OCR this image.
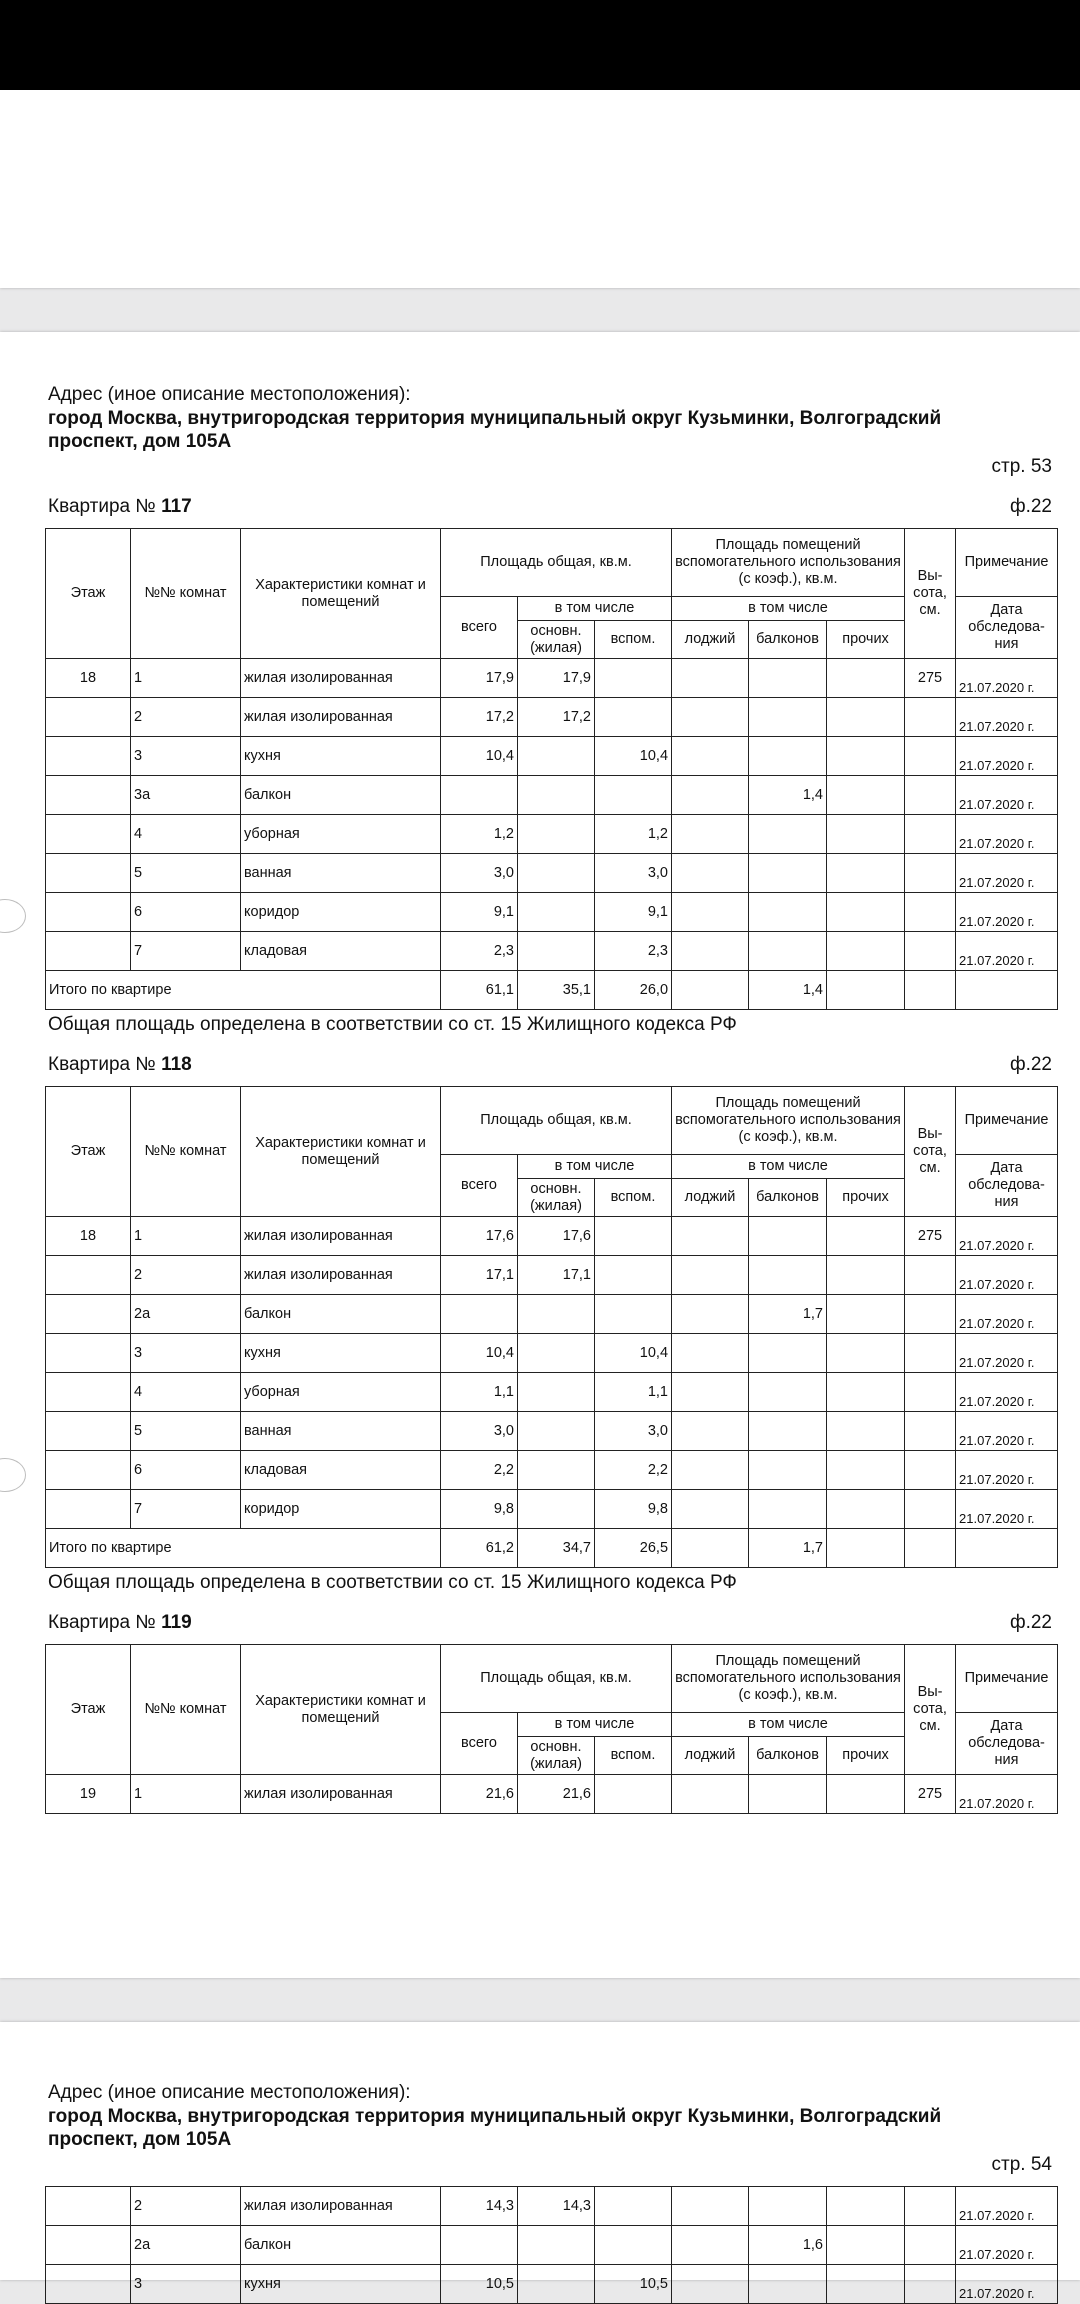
Адрес (иное описание местоположения):
город Москва, внутригородская территория муниципальный округ Кузьминки, Волгоградский проспект, дом 105А
стр. 53
Квартира № 117	ф.22
Этаж	№№ комнат	Характеристики комнат и помещений	Площадь общая, кв.м.			Площадь помещений вспомогательного использования (с коэф.), кв.м.			Вы- сота, см.	Примечание
			всего	в том числе		в том числе				Дата обследова- ния
				основн. (жилая)	вспом.	лоджий	балконов	прочих		
18	1	жилая изолированная	17,9	17,9					275	21.07.2020 г.
	2	жилая изолированная	17,2	17,2						21.07.2020 г.
	3	кухня	10,4		10,4					21.07.2020 г.
	3а	балкон					1,4			21.07.2020 г.
	4	уборная	1,2		1,2					21.07.2020 г.
	5	ванная	3,0		3,0					21.07.2020 г.
	6	коридор	9,1		9,1					21.07.2020 г.
	7	кладовая	2,3		2,3					21.07.2020 г.
Итого по квартире			61,1	35,1	26,0		1,4			
Общая площадь определена в соответствии со ст. 15 Жилищного кодекса РФ
Квартира № 118	ф.22
Этаж	№№ комнат	Характеристики комнат и помещений	Площадь общая, кв.м.			Площадь помещений вспомогательного использования (с коэф.), кв.м.			Вы- сота, см.	Примечание
			всего	в том числе		в том числе				Дата обследова- ния
				основн. (жилая)	вспом.	лоджий	балконов	прочих		
18	1	жилая изолированная	17,6	17,6					275	21.07.2020 г.
	2	жилая изолированная	17,1	17,1						21.07.2020 г.
	2а	балкон					1,7			21.07.2020 г.
	3	кухня	10,4		10,4					21.07.2020 г.
	4	уборная	1,1		1,1					21.07.2020 г.
	5	ванная	3,0		3,0					21.07.2020 г.
	6	кладовая	2,2		2,2					21.07.2020 г.
	7	коридор	9,8		9,8					21.07.2020 г.
Итого по квартире			61,2	34,7	26,5		1,7			
Общая площадь определена в соответствии со ст. 15 Жилищного кодекса РФ
Квартира № 119	ф.22
Этаж	№№ комнат	Характеристики комнат и помещений	Площадь общая, кв.м.			Площадь помещений вспомогательного использования (с коэф.), кв.м.			Вы- сота, см.	Примечание
			всего	в том числе		в том числе				Дата обследова- ния
				основн. (жилая)	вспом.	лоджий	балконов	прочих		
19	1	жилая изолированная	21,6	21,6					275	21.07.2020 г.
Адрес (иное описание местоположения):
город Москва, внутригородская территория муниципальный округ Кузьминки, Волгоградский проспект, дом 105А
стр. 54
	2	жилая изолированная	14,3	14,3						21.07.2020 г.
	2а	балкон					1,6			21.07.2020 г.
	3	кухня	10,5		10,5					21.07.2020 г.
